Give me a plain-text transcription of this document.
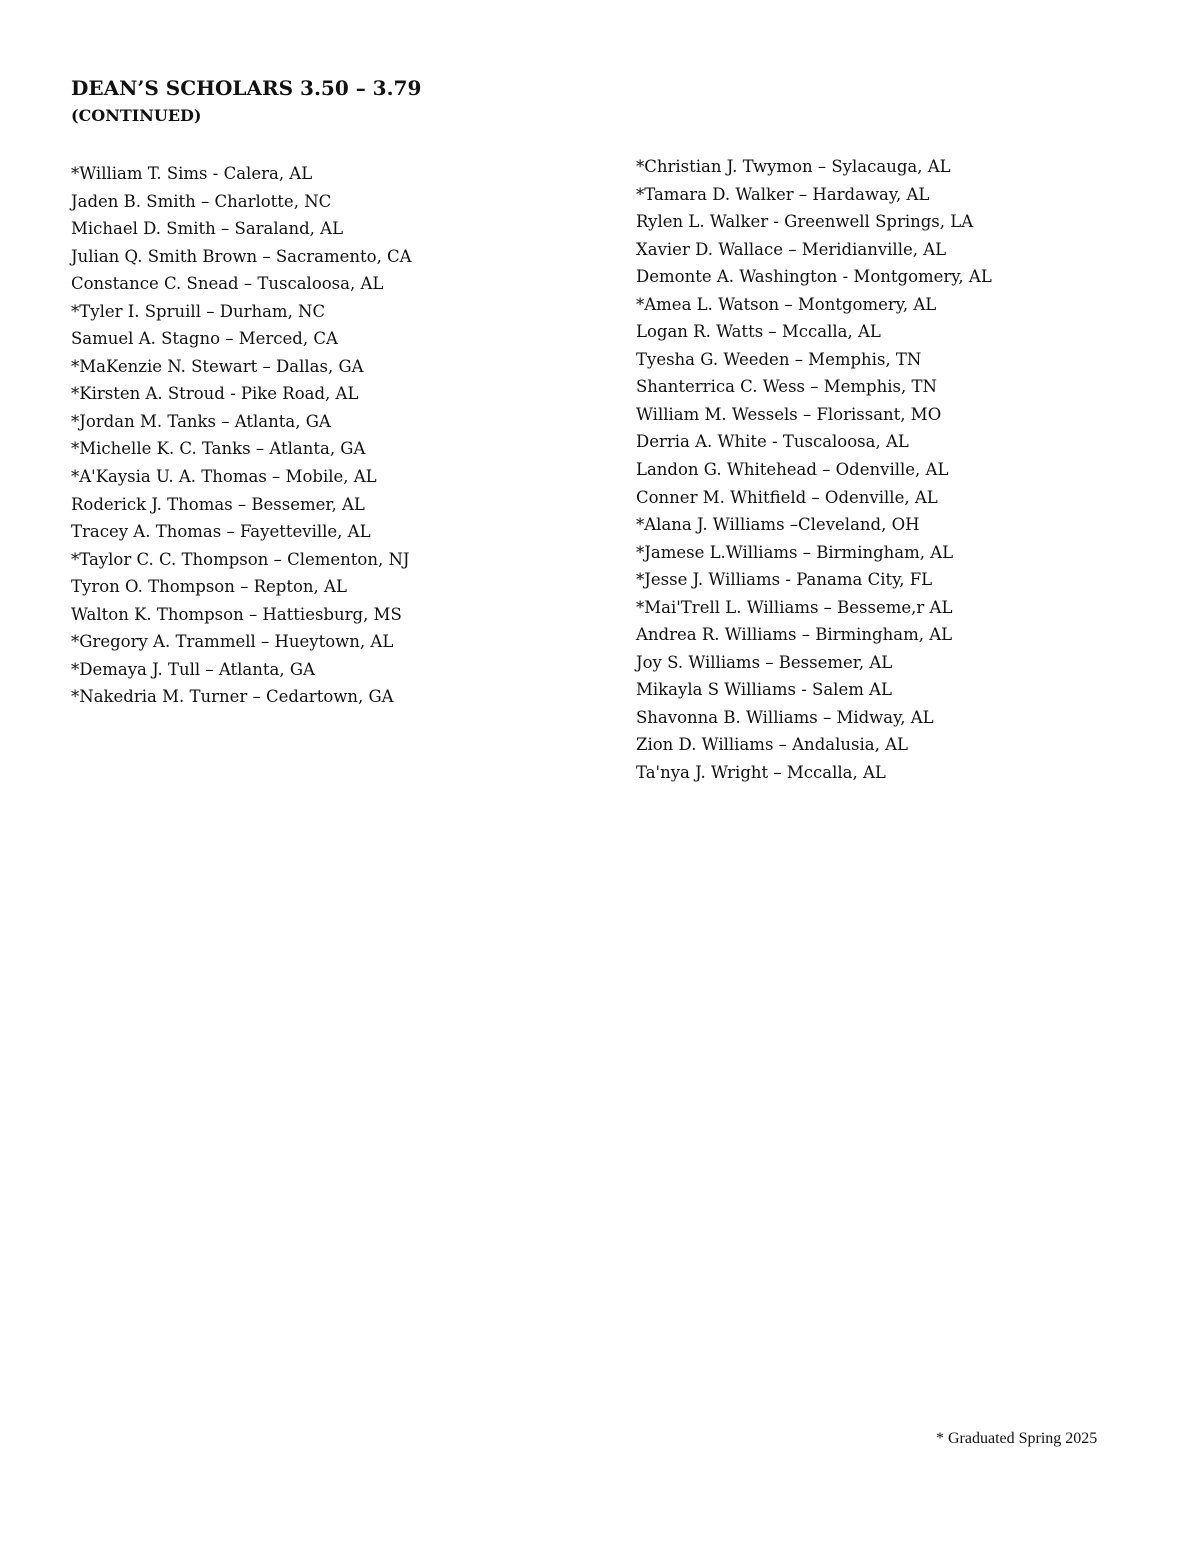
DEAN’S SCHOLARS 3.50 – 3.79
(CONTINUED)
*William T. Sims - Calera, AL
Jaden B. Smith – Charlotte, NC
Michael D. Smith – Saraland, AL
Julian Q. Smith Brown – Sacramento, CA
Constance C. Snead – Tuscaloosa, AL
*Tyler I. Spruill – Durham, NC
Samuel A. Stagno – Merced, CA
*MaKenzie N. Stewart – Dallas, GA
*Kirsten A. Stroud - Pike Road, AL
*Jordan M. Tanks – Atlanta, GA
*Michelle K. C. Tanks – Atlanta, GA
*A'Kaysia U. A. Thomas – Mobile, AL
Roderick J. Thomas – Bessemer, AL
Tracey A. Thomas – Fayetteville, AL
*Taylor C. C. Thompson – Clementon, NJ
Tyron O. Thompson – Repton, AL
Walton K. Thompson – Hattiesburg, MS
*Gregory A. Trammell – Hueytown, AL
*Demaya J. Tull – Atlanta, GA
*Nakedria M. Turner – Cedartown, GA
*Christian J. Twymon – Sylacauga, AL
*Tamara D. Walker – Hardaway, AL
Rylen L. Walker - Greenwell Springs, LA
Xavier D. Wallace – Meridianville, AL
Demonte A. Washington - Montgomery, AL
*Amea L. Watson – Montgomery, AL
Logan R. Watts – Mccalla, AL
Tyesha G. Weeden – Memphis, TN
Shanterrica C. Wess – Memphis, TN
William M. Wessels – Florissant, MO
Derria A. White - Tuscaloosa, AL
Landon G. Whitehead – Odenville, AL
Conner M. Whitfield – Odenville, AL
*Alana J. Williams –Cleveland, OH
*Jamese L.Williams – Birmingham, AL
*Jesse J. Williams - Panama City, FL
*Mai'Trell L. Williams – Besseme,r AL
Andrea R. Williams – Birmingham, AL
Joy S. Williams – Bessemer, AL
Mikayla S Williams - Salem AL
Shavonna B. Williams – Midway, AL
Zion D. Williams – Andalusia, AL
Ta'nya J. Wright – Mccalla, AL
* Graduated Spring 2025
